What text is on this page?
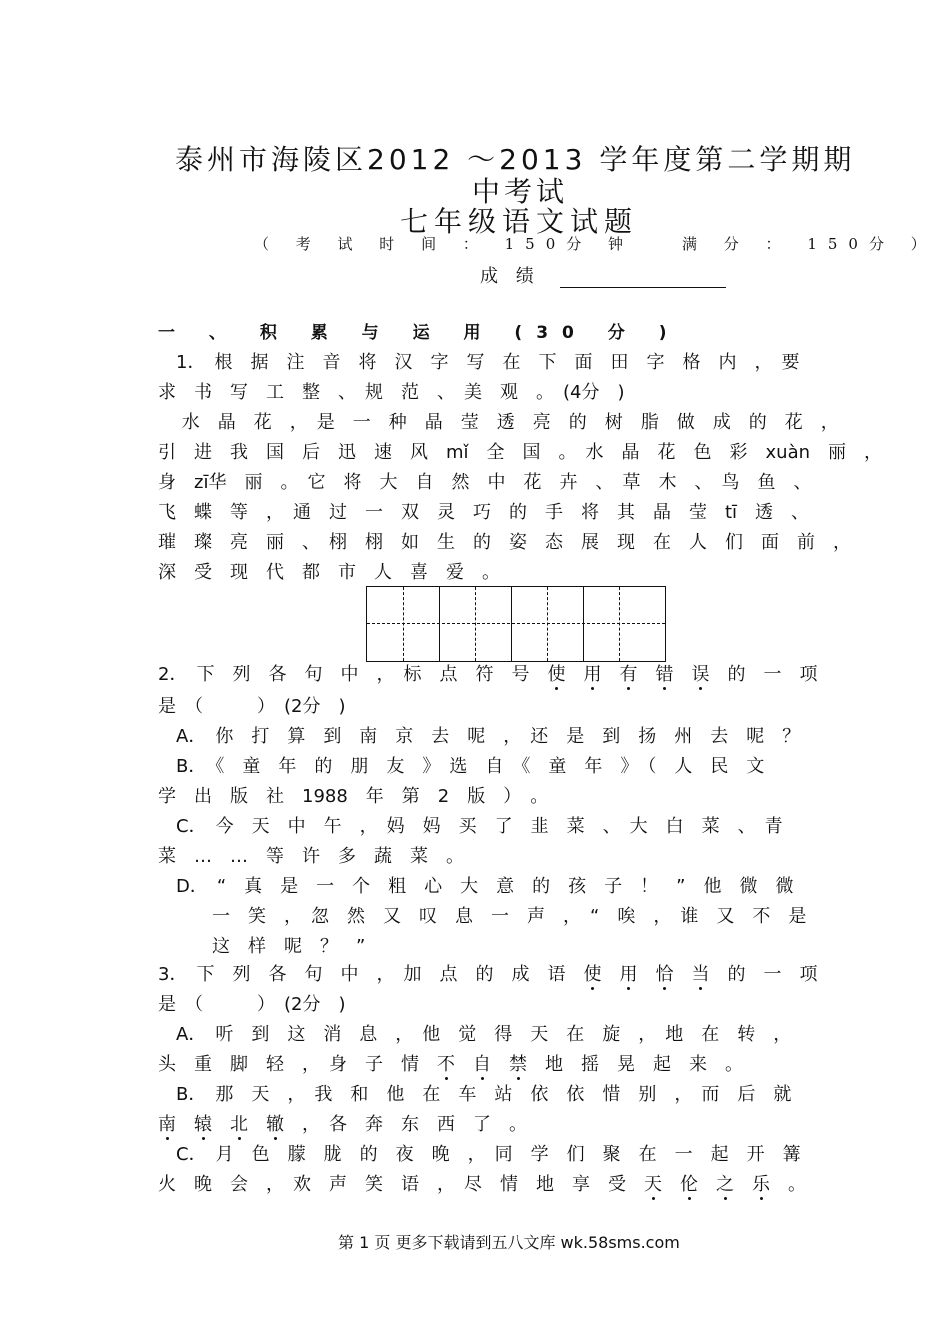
泰州市海陵区2012 ～2013 学年度第二学期期
中考试
七年级语文试题
（ 考 试 时 间 ： 150分 钟	满 分 ： 150分 ）
成 绩
一 、 积 累 与 运 用 (30 分 )
1．　根　据　注　音　将　汉　字　写　在　下　面　田　字　格　内　，　要
求　书　写　工　整　、　规　范　、　美　观　。　(4分　)
　 水　晶　花　，　是　一　种　晶　莹　透　亮　的　树　脂　做　成　的　花　，
引　进　我　国　后　迅　速　风　mǐ　全　国　。　水　晶　花　色　彩　xuàn　丽　，
身　zī华　丽　。　它　将　大　自　然　中　花　卉　、　草　木　、　鸟　鱼　、
飞　蝶　等　，　通　过　一　双　灵　巧　的　手　将　其　晶　莹　tī　透　、
璀　璨　亮　丽　、　栩　栩　如　生　的　姿　态　展　现　在　人　们　面　前　，
深　受　现　代　都　市　人　喜　爱　。
2．　下　列　各　句　中　，　标　点　符　号　使　 用　 有　 错　 误　的　一　项
是　（　　　）　(2分　)
A．　你　打　算　到　南　京　去　呢　，　还　是　到　扬　州　去　呢　？
B．　《　童　年　的　朋　友　》　选　自　《　童　年　》　（　人　民　文
学　出　版　社　1988　年　第　2　版　）　。
C．　今　天　中　午　，　妈　妈　买　了　韭　菜　、　大　白　菜　、　青
菜　…　…　等　许　多　蔬　菜　。
D．　“　真　是　一　个　粗　心　大　意　的　孩　子　！　”　他　微　微
一　笑　，　忽　然　又　叹　息　一　声　，　“　唉　，　谁　又　不　是
这　样　呢　？　”
3．　下　列　各　句　中　，　加　点　的　成　语　使　 用　 恰　 当　的　一　项
是　（　　　）　(2分　)
A．　听　到　这　消　息　，　他　觉　得　天　在　旋　，　地　在　转　，
头　重　脚　轻　，　身　子　情　不　 自　 禁　地　摇　晃　起　来　。
B．　那　天　，　我　和　他　在　车　站　依　依　惜　别　，　而　后　就
南　 辕　 北　 辙　，　各　奔　东　西　了　。
C．　月　色　朦　胧　的　夜　晚　，　同　学　们　聚　在　一　起　开　篝
火　晚　会　，　欢　声　笑　语　，　尽　情　地　享　受　天　 伦　 之　 乐　。
第 1 页 更多下载请到五八文库 wk.58sms.com
